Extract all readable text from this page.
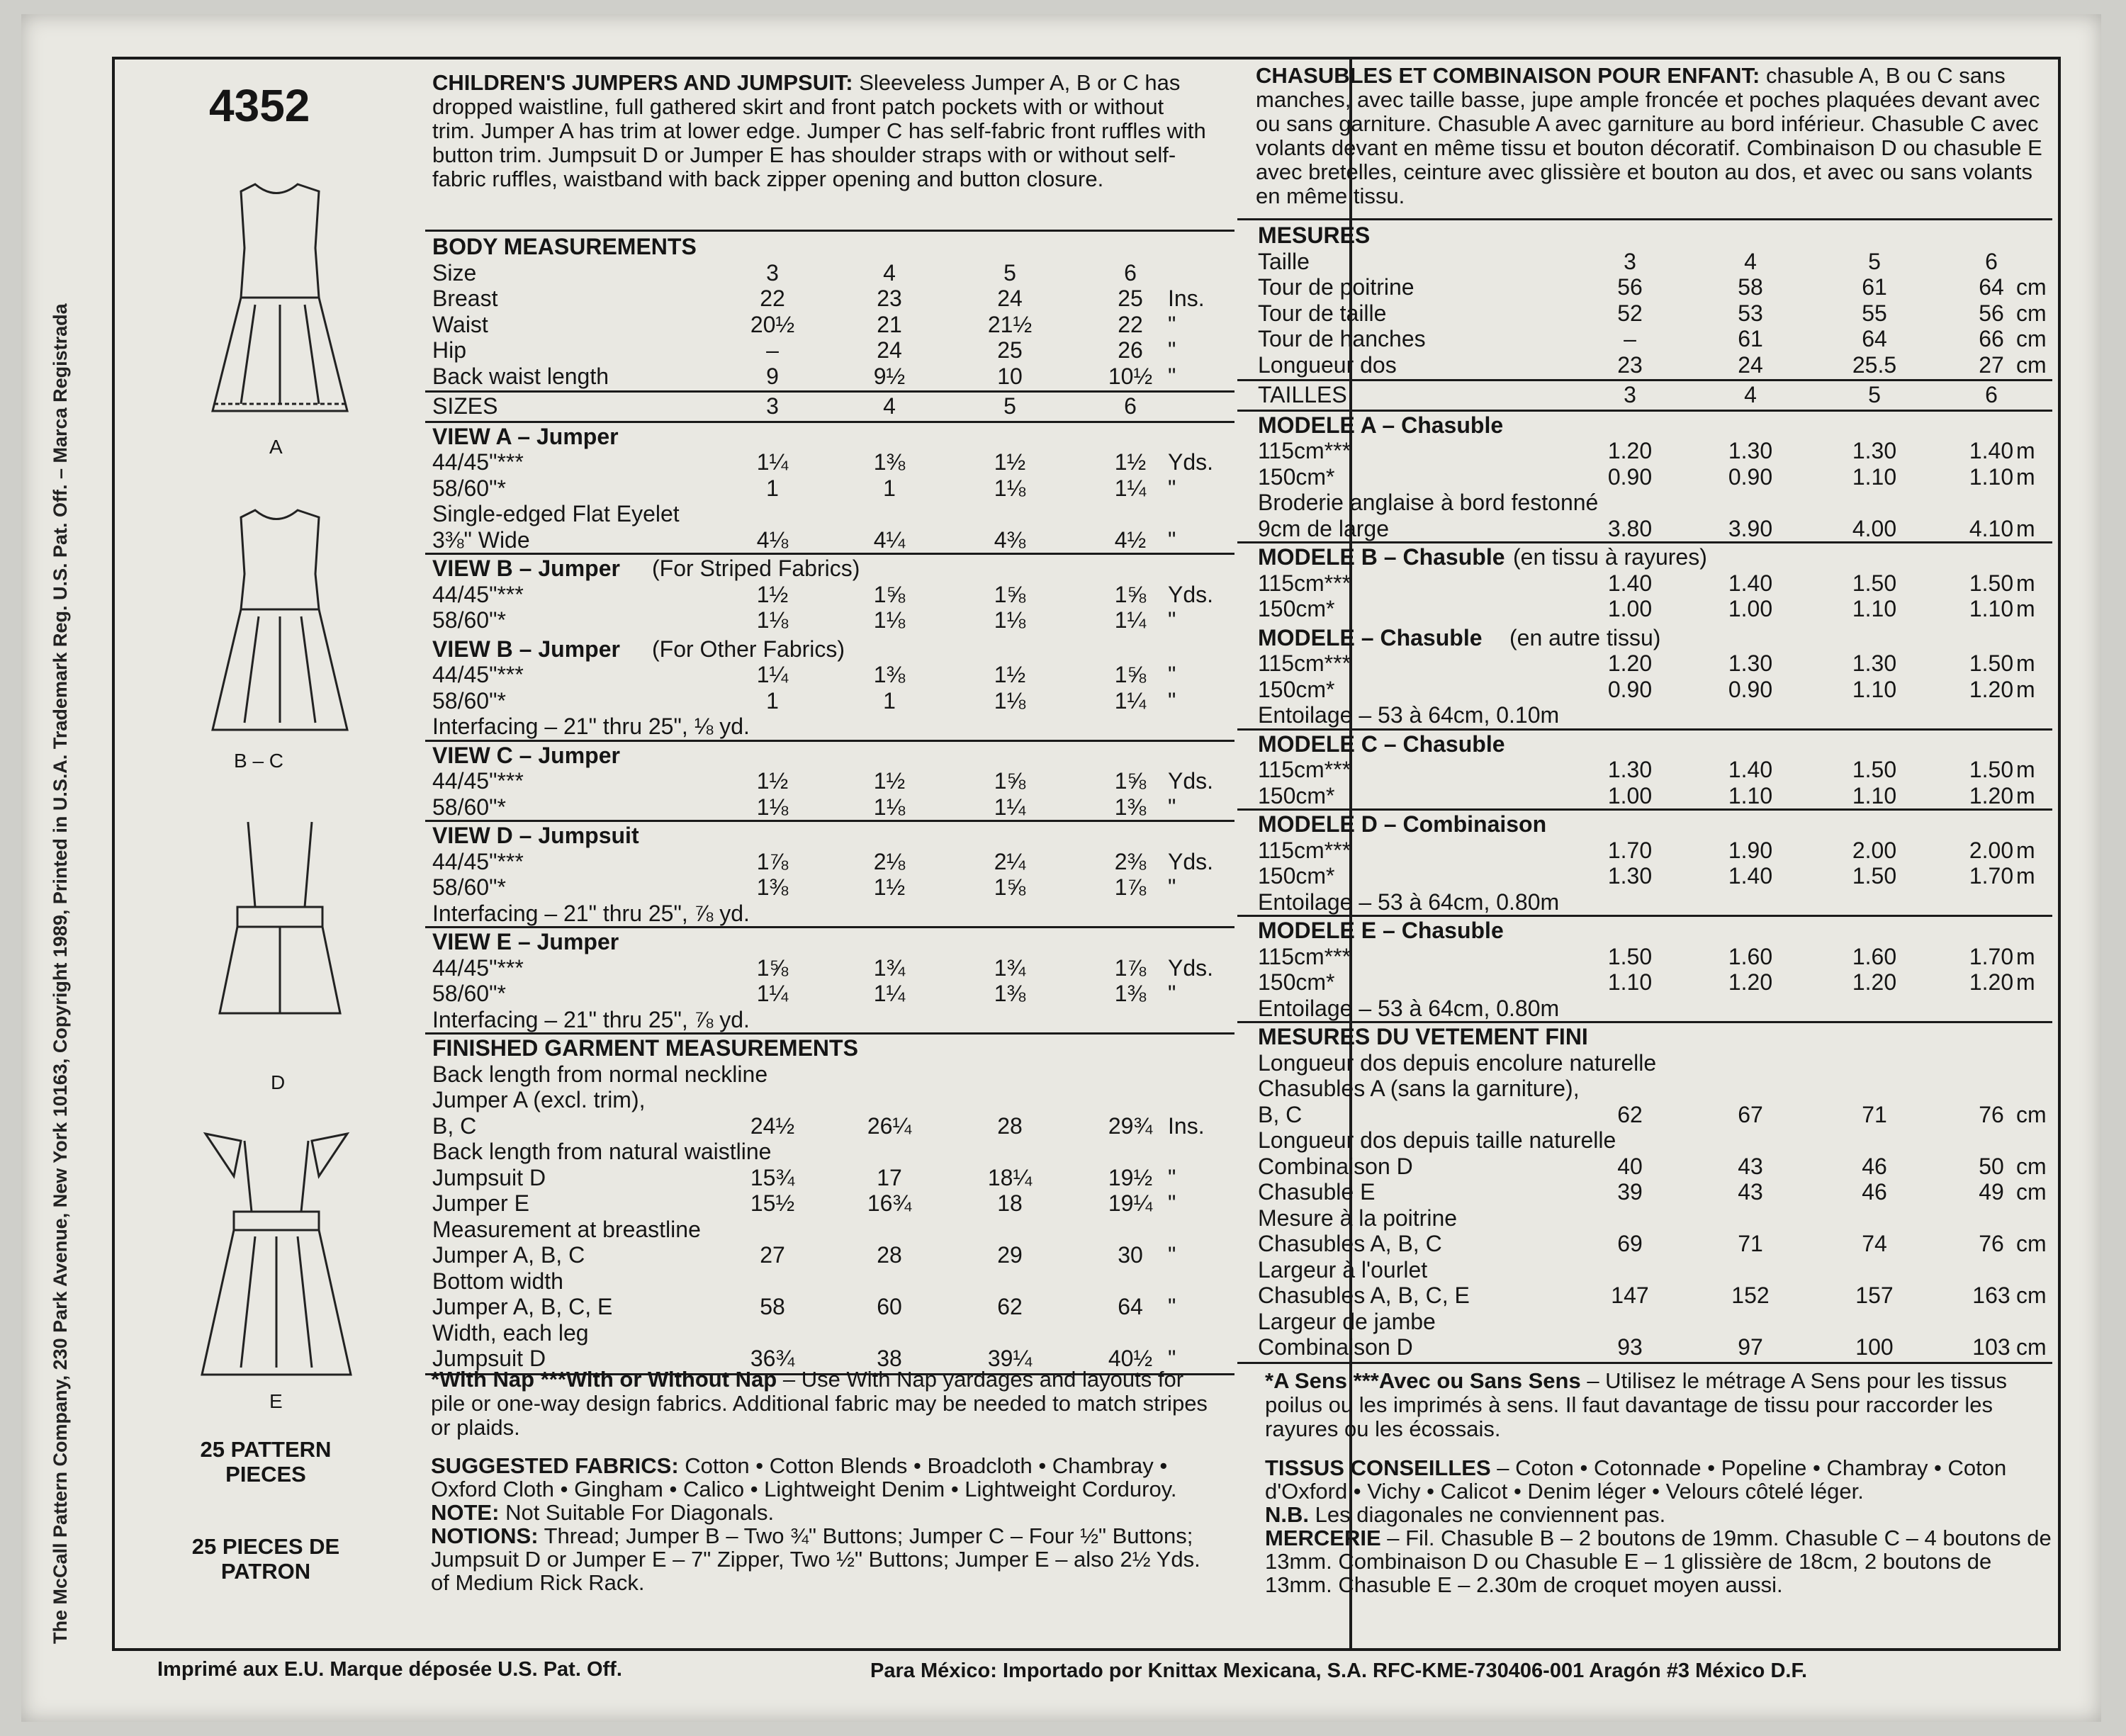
The McCall Pattern Company, 230 Park Avenue, New York 10163, Copyright 1989, Printed in U.S.A. Trademark Reg. U.S. Pat. Off. – Marca Registrada
4352
A
B – C
D
E
25 PATTERN PIECES
25 PIECES DE PATRON
CHILDREN'S JUMPERS AND JUMPSUIT: Sleeveless Jumper A, B or C has dropped waistline, full gathered skirt and front patch pockets with or without trim. Jumper A has trim at lower edge. Jumper C has self-fabric front ruffles with button trim. Jumpsuit D or Jumper E has shoulder straps with or without self-fabric ruffles, waistband with back zipper opening and button closure.
CHASUBLES ET COMBINAISON POUR ENFANT: chasuble A, B ou C sans manches, avec taille basse, jupe ample froncée et poches plaquées devant avec ou sans garniture. Chasuble A avec garniture au bord inférieur. Chasuble C avec volants devant en même tissu et bouton décoratif. Combinaison D ou chasuble E avec bretelles, ceinture avec glissière et bouton au dos, et avec ou sans volants en même tissu.
BODY MEASUREMENTS
Size	3	4	5	6
Breast	22	23	24	25	Ins.
Waist	20½	21	21½	22	"
Hip	–	24	25	26	"
Back waist length	9	9½	10	10½ "
SIZES	3	4	5	6
VIEW A – Jumper
44/45"***	1¼	1⅜	1½	1½ Yds.
58/60"*	1	1	1⅛	1¼ "
Single-edged Flat Eyelet
3⅜" Wide	4⅛	4¼	4⅜	4½ "
VIEW B – Jumper (For Striped Fabrics)
44/45"***	1½	1⅝	1⅝	1⅝ Yds.
58/60"*	1⅛	1⅛	1⅛	1¼ "
VIEW B – Jumper (For Other Fabrics)
44/45"***	1¼	1⅜	1½	1⅝ "
58/60"*	1	1	1⅛	1¼ "
Interfacing – 21" thru 25", ⅛ yd.
VIEW C – Jumper
44/45"***	1½	1½	1⅝	1⅝ Yds.
58/60"*	1⅛	1⅛	1¼	1⅜ "
VIEW D – Jumpsuit
44/45"***	1⅞	2⅛	2¼	2⅜ Yds.
58/60"*	1⅜	1½	1⅝	1⅞ "
Interfacing – 21" thru 25", ⅞ yd.
VIEW E – Jumper
44/45"***	1⅝	1¾	1¾	1⅞ Yds.
58/60"*	1¼	1¼	1⅜	1⅜ "
Interfacing – 21" thru 25", ⅞ yd.
FINISHED GARMENT MEASUREMENTS
Back length from normal neckline
Jumper A (excl. trim),
B, C	24½	26¼	28	29¾ Ins.
Back length from natural waistline
Jumpsuit D	15¾	17	18¼	19½ "
Jumper E	15½	16¾	18	19¼ "
Measurement at breastline
Jumper A, B, C	27	28	29	30	"
Bottom width
Jumper A, B, C, E	58	60	62	64	"
Width, each leg
Jumpsuit D	36¾	38	39¼	40½ "
MESURES
Taille	3	4	5	6
Tour de poitrine	56	58	61	64 cm
Tour de taille	52	53	55	56 cm
Tour de hanches	–	61	64	66 cm
Longueur dos	23	24	25.5	27 cm
TAILLES	3	4	5	6
MODELE A – Chasuble
115cm***	1.20	1.30	1.30	1.40 m
150cm*	0.90	0.90	1.10	1.10 m
Broderie anglaise à bord festonné
9cm de large	3.80	3.90	4.00	4.10 m
MODELE B – Chasuble (en tissu à rayures)
115cm***	1.40	1.40	1.50	1.50 m
150cm*	1.00	1.00	1.10	1.10 m
MODELE – Chasuble (en autre tissu)
115cm***	1.20	1.30	1.30	1.50 m
150cm*	0.90	0.90	1.10	1.20 m
Entoilage – 53 à 64cm, 0.10m
MODELE C – Chasuble
115cm***	1.30	1.40	1.50	1.50 m
150cm*	1.00	1.10	1.10	1.20 m
MODELE D – Combinaison
115cm***	1.70	1.90	2.00	2.00 m
150cm*	1.30	1.40	1.50	1.70 m
Entoilage – 53 à 64cm, 0.80m
MODELE E – Chasuble
115cm***	1.50	1.60	1.60	1.70 m
150cm*	1.10	1.20	1.20	1.20 m
Entoilage – 53 à 64cm, 0.80m
MESURES DU VETEMENT FINI
Longueur dos depuis encolure naturelle
Chasubles A (sans la garniture),
B, C	62	67	71	76 cm
Longueur dos depuis taille naturelle
Combinaison D	40	43	46	50 cm
Chasuble E	39	43	46	49 cm
Mesure à la poitrine
Chasubles A, B, C	69	71	74	76 cm
Largeur à l'ourlet
Chasubles A, B, C, E	147	152	157	163 cm
Largeur de jambe
Combinaison D	93	97	100	103 cm
*With Nap ***With or Without Nap – Use With Nap yardages and layouts for pile or one-way design fabrics. Additional fabric may be needed to match stripes or plaids.
*A Sens ***Avec ou Sans Sens – Utilisez le métrage A Sens pour les tissus poilus ou les imprimés à sens. Il faut davantage de tissu pour raccorder les rayures ou les écossais.
SUGGESTED FABRICS: Cotton • Cotton Blends • Broadcloth • Chambray • Oxford Cloth • Gingham • Calico • Lightweight Denim • Lightweight Corduroy. NOTE: Not Suitable For Diagonals.
NOTIONS: Thread; Jumper B – Two ¾" Buttons; Jumper C – Four ½" Buttons; Jumpsuit D or Jumper E – 7" Zipper, Two ½" Buttons; Jumper E – also 2½ Yds. of Medium Rick Rack.
TISSUS CONSEILLES – Coton • Cotonnade • Popeline • Chambray • Coton d'Oxford • Vichy • Calicot • Denim léger • Velours côtelé léger.
N.B. Les diagonales ne conviennent pas.
MERCERIE – Fil. Chasuble B – 2 boutons de 19mm. Chasuble C – 4 boutons de 13mm. Combinaison D ou Chasuble E – 1 glissière de 18cm, 2 boutons de 13mm. Chasuble E – 2.30m de croquet moyen aussi.
Imprimé aux E.U. Marque déposée U.S. Pat. Off.	Para México: Importado por Knittax Mexicana, S.A. RFC-KME-730406-001 Aragón #3 México D.F.
